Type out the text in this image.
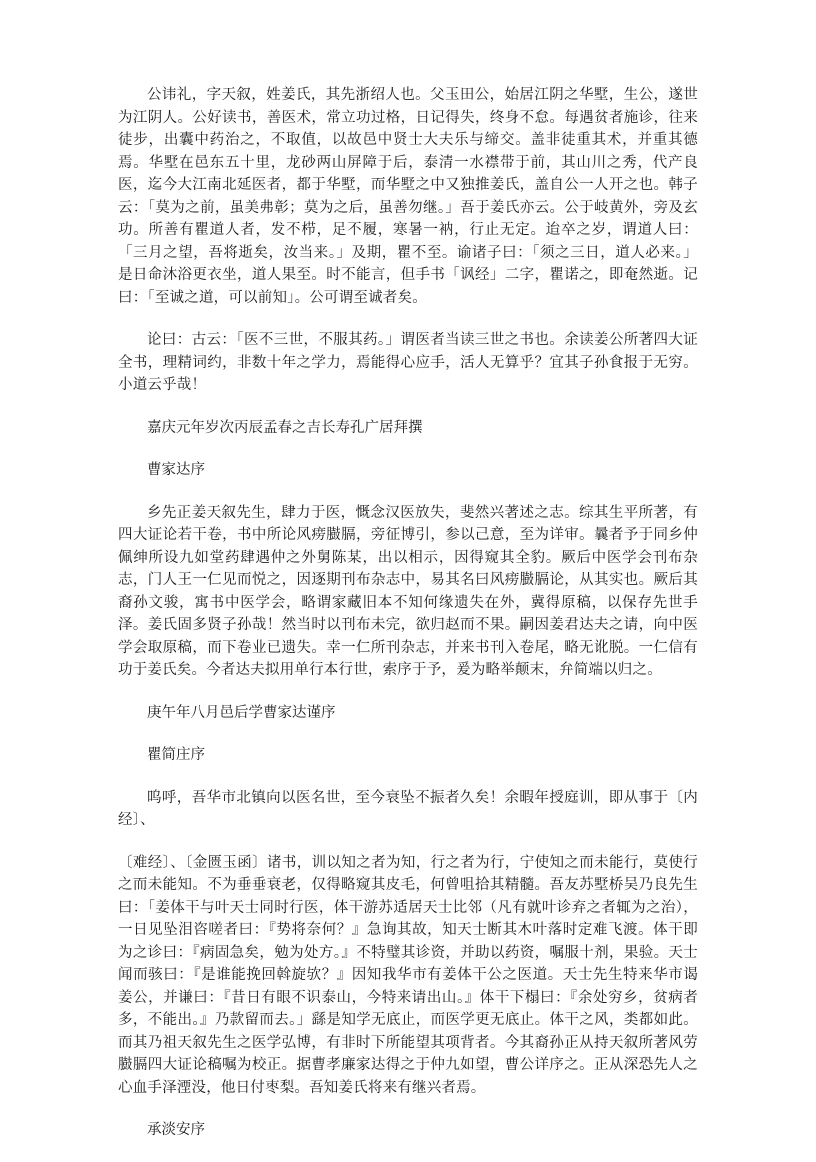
公讳礼，字天叙，姓姜氏，其先浙绍人也。父玉田公，始居江阴之华墅，生公，遂世为江阴人。公好读书，善医术，常立功过格，日记得失，终身不怠。每遇贫者施诊，往来徒步，出囊中药治之，不取值，以故邑中贤士大夫乐与缔交。盖非徒重其术，并重其德焉。华墅在邑东五十里，龙砂两山屏障于后，泰清一水襟带于前，其山川之秀，代产良医，迄今大江南北延医者，都于华墅，而华墅之中又独推姜氏，盖自公一人开之也。韩子云：「莫为之前，虽美弗彰；莫为之后，虽善勿继。」吾于姜氏亦云。公于岐黄外，旁及玄功。所善有瞿道人者，发不栉，足不履，寒暑一衲，行止无定。迨卒之岁，谓道人曰：「三月之望，吾将逝矣，汝当来。」及期，瞿不至。谕诸子曰：「须之三日，道人必来。」是日命沐浴更衣坐，道人果至。时不能言，但手书「讽经」二字，瞿诺之，即奄然逝。记曰：「至诚之道，可以前知」。公可谓至诚者矣。

论曰：古云：「医不三世，不服其药。」谓医者当读三世之书也。余读姜公所著四大证全书，理精词约，非数十年之学力，焉能得心应手，活人无算乎？宜其子孙食报于无穷。小道云乎哉！

嘉庆元年岁次丙辰孟春之吉长寿孔广居拜撰

曹家达序

乡先正姜天叙先生，肆力于医，慨念汉医放失，斐然兴著述之志。综其生平所著，有四大证论若干卷，书中所论风痨臌膈，旁征博引，参以己意，至为详审。曩者予于同乡仲佩绅所设九如堂药肆遇仲之外舅陈某，出以相示，因得窥其全豹。厥后中医学会刊布杂志，门人王一仁见而悦之，因逐期刊布杂志中，易其名曰风痨臌膈论，从其实也。厥后其裔孙文骏，寓书中医学会，略谓家藏旧本不知何缘遗失在外，冀得原稿，以保存先世手泽。姜氏固多贤子孙哉！然当时以刊布未完，欲归赵而不果。嗣因姜君达夫之请，向中医学会取原稿，而下卷业已遗失。幸一仁所刊杂志，并来书刊入卷尾，略无讹脱。一仁信有功于姜氏矣。今者达夫拟用单行本行世，索序于予，爰为略举颠末，弁简端以归之。

庚午年八月邑后学曹家达谨序

瞿简庄序

呜呼，吾华市北镇向以医名世，至今衰坠不振者久矣！余暇年授庭训，即从事于〔内经〕、

〔难经〕、〔金匮玉函〕诸书，训以知之者为知，行之者为行，宁使知之而未能行，莫使行之而未能知。不为垂垂衰老，仅得略窥其皮毛，何曾咀拾其精髓。吾友苏墅桥吴乃良先生曰：「姜体干与叶天士同时行医，体干游苏适居天士比邻（凡有就叶诊弃之者辄为之治），一日见坠泪咨嗟者曰：『势将奈何？』急询其故，知天士断其木叶落时定难飞渡。体干即为之诊曰：『病固急矣，勉为处方。』不特璧其诊资，并助以药资，嘱服十剂，果验。天士闻而骇曰：『是谁能挽回斡旋欤？』因知我华市有姜体干公之医道。天士先生特来华市谒姜公，并谦曰：『昔日有眼不识泰山，今特来请出山。』体干下榻曰：『余处穷乡，贫病者多，不能出。』乃款留而去。」繇是知学无底止，而医学更无底止。体干之风，类都如此。而其乃祖天叙先生之医学弘博，有非时下所能望其项背者。今其裔孙正从持天叙所著风劳臌膈四大证论稿嘱为校正。据曹孝廉家达得之于仲九如望，曹公详序之。正从深恐先人之心血手泽湮没，他日付枣梨。吾知姜氏将来有继兴者焉。

承淡安序
